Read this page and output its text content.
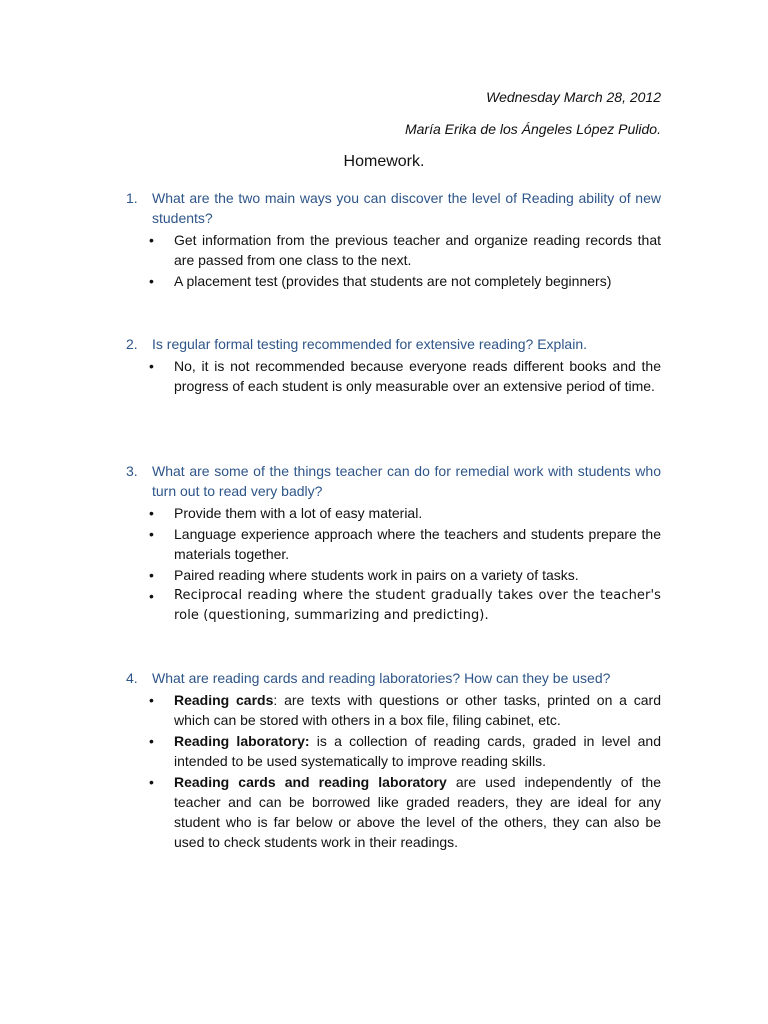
Wednesday March 28, 2012
María Erika de los Ángeles López Pulido.
Homework.
1.	What are the two main ways you can discover the level of Reading ability of new students?
•	Get information from the previous teacher and organize reading records that are passed from one class to the next.
•	A placement test (provides that students are not completely beginners)
2.	Is regular formal testing recommended for extensive reading? Explain.
•	No, it is not recommended because everyone reads different books and the progress of each student is only measurable over an extensive period of time.
3.	What are some of the things teacher can do for remedial work with students who turn out to read very badly?
•	Provide them with a lot of easy material.
•	Language experience approach where the teachers and students prepare the materials together.
•	Paired reading where students work in pairs on a variety of tasks.
•	Reciprocal reading where the student gradually takes over the teacher's role (questioning, summarizing and predicting).
4.	What are reading cards and reading laboratories? How can they be used?
•	Reading cards: are texts with questions or other tasks, printed on a card which can be stored with others in a box file, filing cabinet, etc.
•	Reading laboratory: is a collection of reading cards, graded in level and intended to be used systematically to improve reading skills.
•	Reading cards and reading laboratory are used independently of the teacher and can be borrowed like graded readers, they are ideal for any student who is far below or above the level of the others, they can also be used to check students work in their readings.
